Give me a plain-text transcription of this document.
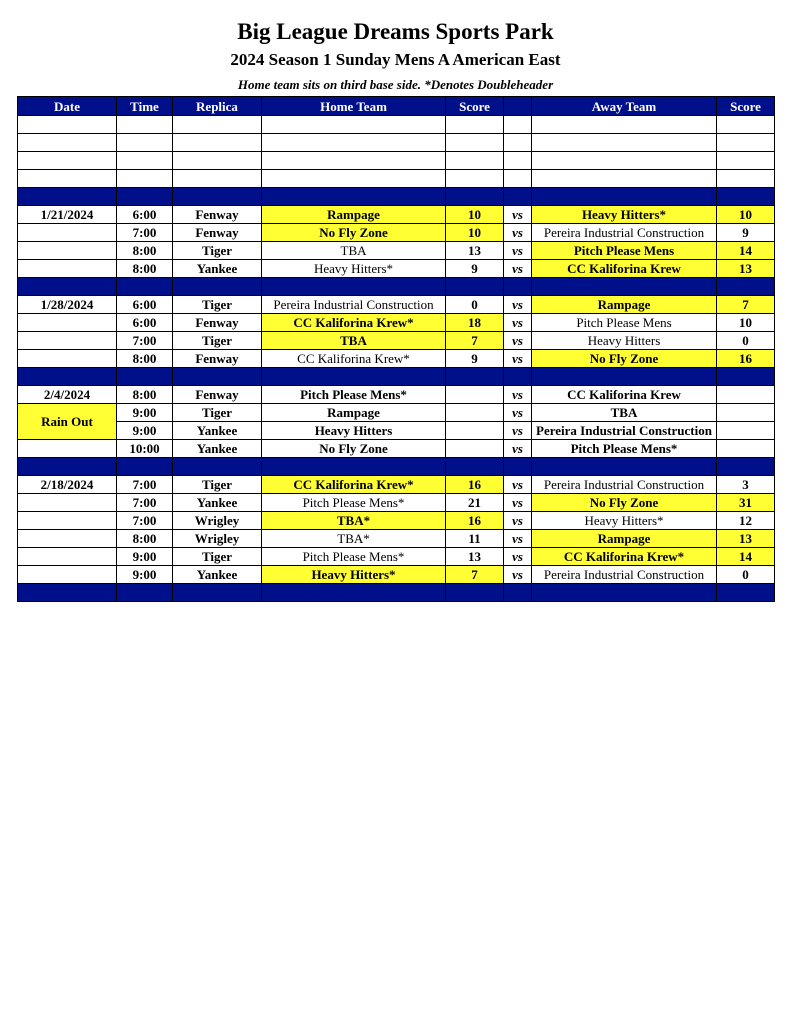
Big League Dreams Sports Park
2024 Season 1 Sunday Mens A American East
Home team sits on third base side. *Denotes Doubleheader
Date	Time	Replica	Home Team	Score		Away Team	Score

1/21/2024	6:00	Fenway	Rampage	10	vs	Heavy Hitters*	10
	7:00	Fenway	No Fly Zone	10	vs	Pereira Industrial Construction	9
	8:00	Tiger	TBA	13	vs	Pitch Please Mens	14
	8:00	Yankee	Heavy Hitters*	9	vs	CC Kaliforina Krew	13

1/28/2024	6:00	Tiger	Pereira Industrial Construction	0	vs	Rampage	7
	6:00	Fenway	CC Kaliforina Krew*	18	vs	Pitch Please Mens	10
	7:00	Tiger	TBA	7	vs	Heavy Hitters	0
	8:00	Fenway	CC Kaliforina Krew*	9	vs	No Fly Zone	16

2/4/2024	8:00	Fenway	Pitch Please Mens*		vs	CC Kaliforina Krew	
Rain Out	9:00	Tiger	Rampage		vs	TBA	
	9:00	Yankee	Heavy Hitters		vs	Pereira Industrial Construction	
	10:00	Yankee	No Fly Zone		vs	Pitch Please Mens*	

2/18/2024	7:00	Tiger	CC Kaliforina Krew*	16	vs	Pereira Industrial Construction	3
	7:00	Yankee	Pitch Please Mens*	21	vs	No Fly Zone	31
	7:00	Wrigley	TBA*	16	vs	Heavy Hitters*	12
	8:00	Wrigley	TBA*	11	vs	Rampage	13
	9:00	Tiger	Pitch Please Mens*	13	vs	CC Kaliforina Krew*	14
	9:00	Yankee	Heavy Hitters*	7	vs	Pereira Industrial Construction	0
